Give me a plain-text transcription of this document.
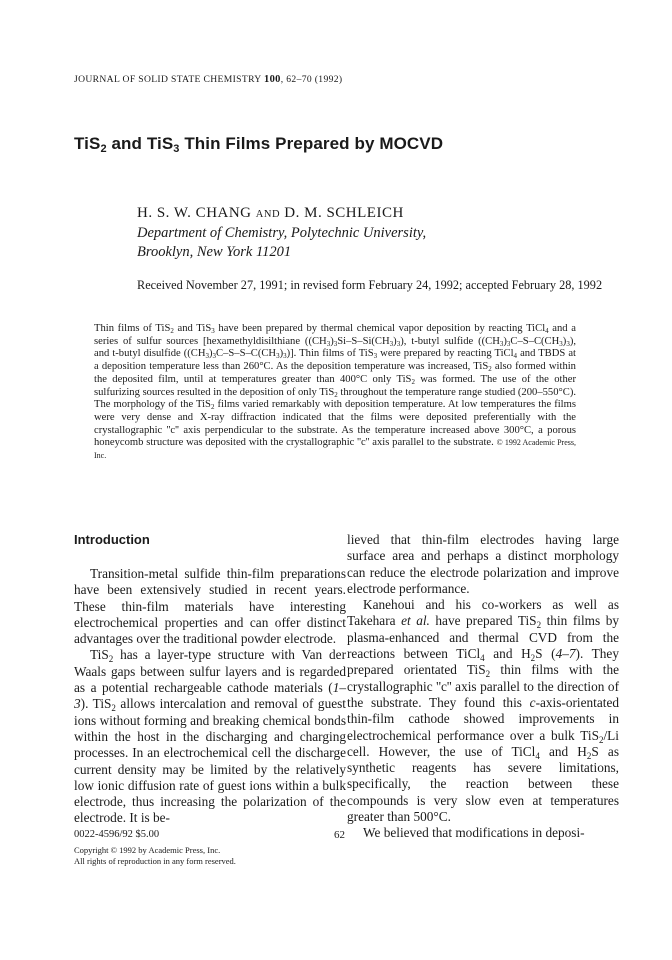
JOURNAL OF SOLID STATE CHEMISTRY 100, 62–70 (1992)
TiS$_2$ and TiS$_3$ Thin Films Prepared by MOCVD
H. S. W. CHANG AND D. M. SCHLEICH
Department of Chemistry, Polytechnic University,
Brooklyn, New York 11201
Received November 27, 1991; in revised form February 24, 1992; accepted February 28, 1992
Thin films of TiS$_2$ and TiS$_3$ have been prepared by thermal chemical vapor deposition by reacting TiCl$_4$ and a series of sulfur sources [hexamethyldisilthiane $((CH_3)_3Si-S-Si(CH_3)_3)$, t-butyl sulfide $((CH_3)_3C-S-C(CH_3)_3)$, and t-butyl disulfide $((CH_3)_3C-S-S-C(CH_3)_3)$]. Thin films of TiS$_3$ were prepared by reacting TiCl$_4$ and TBDS at a deposition temperature less than 260°C. As the deposition temperature was increased, TiS$_2$ also formed within the deposited film, until at temperatures greater than 400°C only TiS$_2$ was formed. The use of the other sulfurizing sources resulted in the deposition of only TiS$_2$ throughout the temperature range studied (200–550°C). The morphology of the TiS$_2$ films varied remarkably with deposition temperature. At low temperatures the films were very dense and X-ray diffraction indicated that the films were deposited preferentially with the crystallographic ''c'' axis perpendicular to the substrate. As the temperature increased above 300°C, a porous honeycomb structure was deposited with the crystallographic ''c'' axis parallel to the substrate. © 1992 Academic Press, Inc.
Introduction

Transition-metal sulfide thin-film preparations have been extensively studied in recent years. These thin-film materials have interesting electrochemical properties and can offer distinct advantages over the traditional powder electrode.

TiS$_2$ has a layer-type structure with Van der Waals gaps between sulfur layers and is regarded as a potential rechargeable cathode materials (1–3). TiS$_2$ allows intercalation and removal of guest ions without forming and breaking chemical bonds within the host in the discharging and charging processes. In an electrochemical cell the discharge current density may be limited by the relatively low ionic diffusion rate of guest ions within a bulk electrode, thus increasing the polarization of the electrode. It is be-

lieved that thin-film electrodes having large surface area and perhaps a distinct morphology can reduce the electrode polarization and improve electrode performance.

Kanehoui and his co-workers as well as Takehara et al. have prepared TiS$_2$ thin films by plasma-enhanced and thermal CVD from the reactions between TiCl$_4$ and $H_2S$ (4–7). They prepared orientated TiS$_2$ thin films with the crystallographic ''c'' axis parallel to the direction of the substrate. They found this c-axis-orientated thin-film cathode showed improvements in electrochemical performance over a bulk TiS$_2$/Li cell. However, the use of TiCl$_4$ and $H_2S$ as synthetic reagents has severe limitations, specifically, the reaction between these compounds is very slow even at temperatures greater than 500°C.

We believed that modifications in deposi-

0022-4596/92 $5.00	62
Copyright © 1992 by Academic Press, Inc.
All rights of reproduction in any form reserved.
